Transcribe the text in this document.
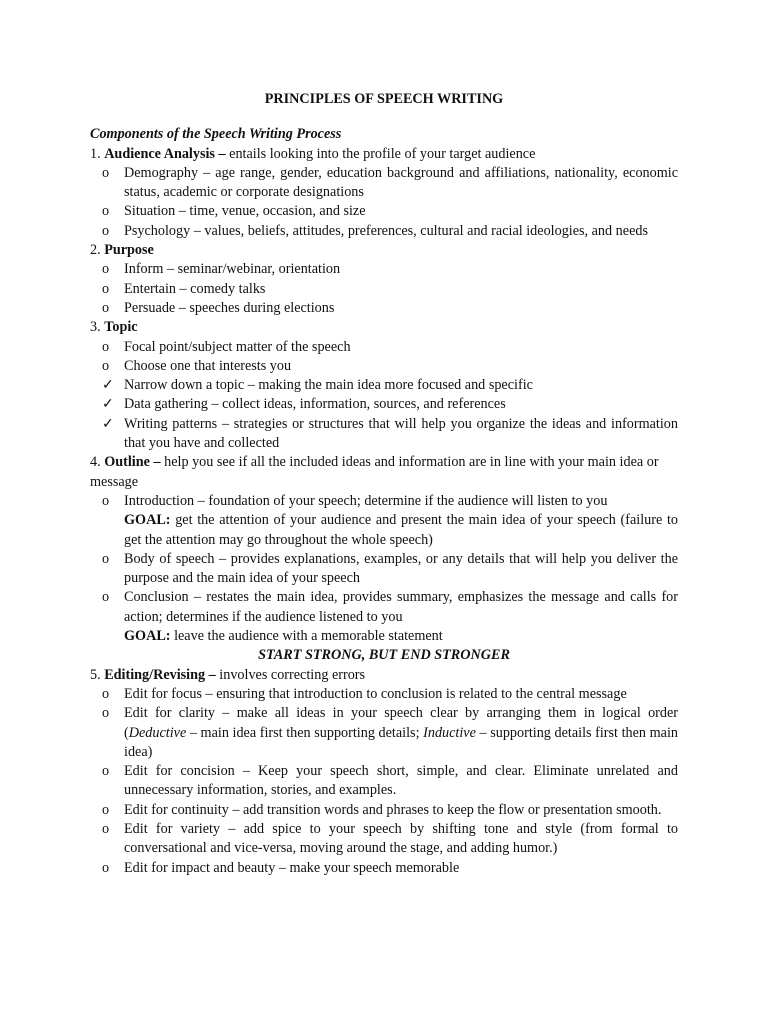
PRINCIPLES OF SPEECH WRITING

Components of the Speech Writing Process

1. Audience Analysis – entails looking into the profile of your target audience

o	Demography – age range, gender, education background and affiliations, nationality, economic status, academic or corporate designations
o	Situation – time, venue, occasion, and size
o	Psychology – values, beliefs, attitudes, preferences, cultural and racial ideologies, and needs

2. Purpose

o	Inform – seminar/webinar, orientation
o	Entertain – comedy talks
o	Persuade – speeches during elections

3. Topic

o	Focal point/subject matter of the speech
o	Choose one that interests you
✓ Narrow down a topic – making the main idea more focused and specific
✓ Data gathering – collect ideas, information, sources, and references
✓ Writing patterns – strategies or structures that will help you organize the ideas and information that you have and collected

4. Outline – help you see if all the included ideas and information are in line with your main idea or message

o	Introduction – foundation of your speech; determine if the audience will listen to you

GOAL: get the attention of your audience and present the main idea of your speech (failure to get the attention may go throughout the whole speech)

o	Body of speech – provides explanations, examples, or any details that will help you deliver the purpose and the main idea of your speech
o	Conclusion – restates the main idea, provides summary, emphasizes the message and calls for action; determines if the audience listened to you

GOAL: leave the audience with a memorable statement

START STRONG, BUT END STRONGER

5. Editing/Revising – involves correcting errors

o	Edit for focus – ensuring that introduction to conclusion is related to the central message
o	Edit for clarity – make all ideas in your speech clear by arranging them in logical order (Deductive – main idea first then supporting details; Inductive – supporting details first then main idea)
o	Edit for concision – Keep your speech short, simple, and clear. Eliminate unrelated and unnecessary information, stories, and examples.
o	Edit for continuity – add transition words and phrases to keep the flow or presentation smooth.
o	Edit for variety – add spice to your speech by shifting tone and style (from formal to conversational and vice-versa, moving around the stage, and adding humor.)
o	Edit for impact and beauty – make your speech memorable
